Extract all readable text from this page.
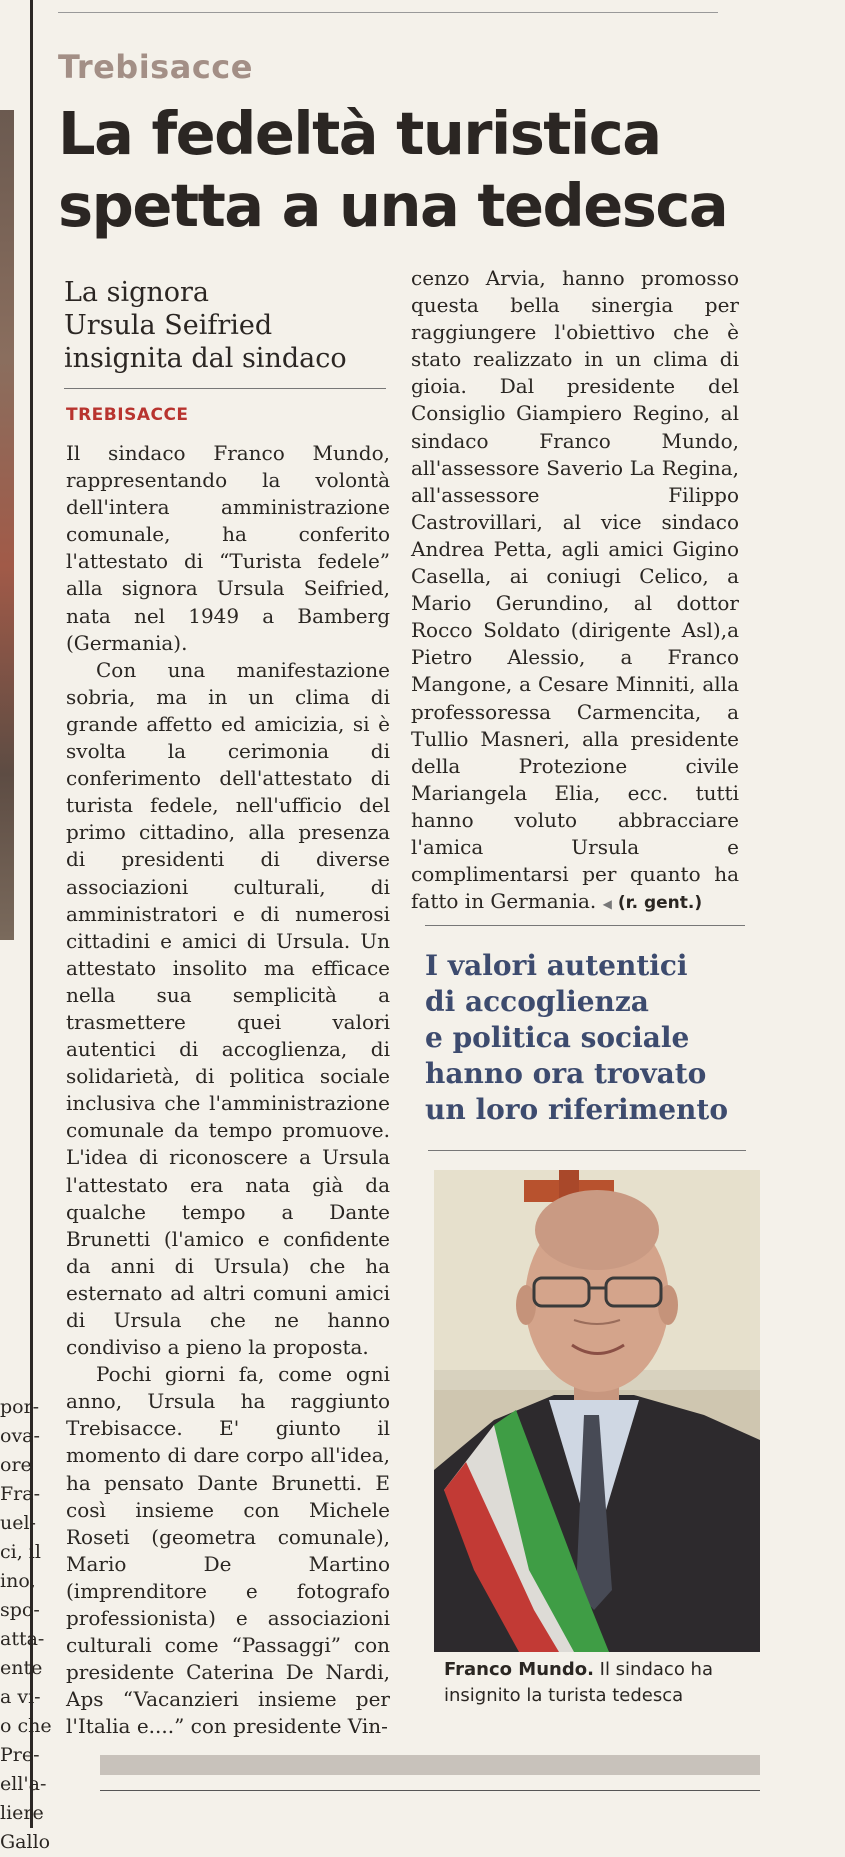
por-
ova-
ore
Fra-
uel-
ci, il
ino,
spo-
atta-
ente
a vi-
o che
Pre-
ell'a-
liere
Gallo
Trebisacce
La fedeltà turistica
spetta a una tedesca
La signora
Ursula Seifried
insignita dal sindaco
TREBISACCE

Il sindaco Franco Mundo, rappresentando la volontà dell'intera amministrazione comunale, ha conferito l'attestato di “Turista fedele” alla signora Ursula Seifried, nata nel 1949 a Bamberg (Germania).

Con una manifestazione sobria, ma in un clima di grande affetto ed amicizia, si è svolta la cerimonia di conferimento dell'attestato di turista fedele, nell'ufficio del primo cittadino, alla presenza di presidenti di diverse associazioni culturali, di amministratori e di numerosi cittadini e amici di Ursula. Un attestato insolito ma efficace nella sua semplicità a trasmettere quei valori autentici di accoglienza, di solidarietà, di politica sociale inclusiva che l'amministrazione comunale da tempo promuove. L'idea di riconoscere a Ursula l'attestato era nata già da qualche tempo a Dante Brunetti (l'amico e confidente da anni di Ursula) che ha esternato ad altri comuni amici di Ursula che ne hanno condiviso a pieno la proposta.

Pochi giorni fa, come ogni anno, Ursula ha raggiunto Trebisacce. E' giunto il momento di dare corpo all'idea, ha pensato Dante Brunetti. E così insieme con Michele Roseti (geometra comunale), Mario De Martino (imprenditore e fotografo professionista) e associazioni culturali come “Passaggi” con presidente Caterina De Nardi, Aps “Vacanzieri insieme per l'Italia e....” con presidente Vin-

cenzo Arvia, hanno promosso questa bella sinergia per raggiungere l'obiettivo che è stato realizzato in un clima di gioia. Dal presidente del Consiglio Giampiero Regino, al sindaco Franco Mundo, all'assessore Saverio La Regina, all'assessore Filippo Castrovillari, al vice sindaco Andrea Petta, agli amici Gigino Casella, ai coniugi Celico, a Mario Gerundino, al dottor Rocco Soldato (dirigente Asl),a Pietro Alessio, a Franco Mangone, a Cesare Minniti, alla professoressa Carmencita, a Tullio Masneri, alla presidente della Protezione civile Mariangela Elia, ecc. tutti hanno voluto abbracciare l'amica Ursula e complimentarsi per quanto ha fatto in Germania. ◀ (r. gent.)

I valori autentici
di accoglienza
e politica sociale
hanno ora trovato
un loro riferimento
Franco Mundo. Il sindaco ha insignito la turista tedesca
